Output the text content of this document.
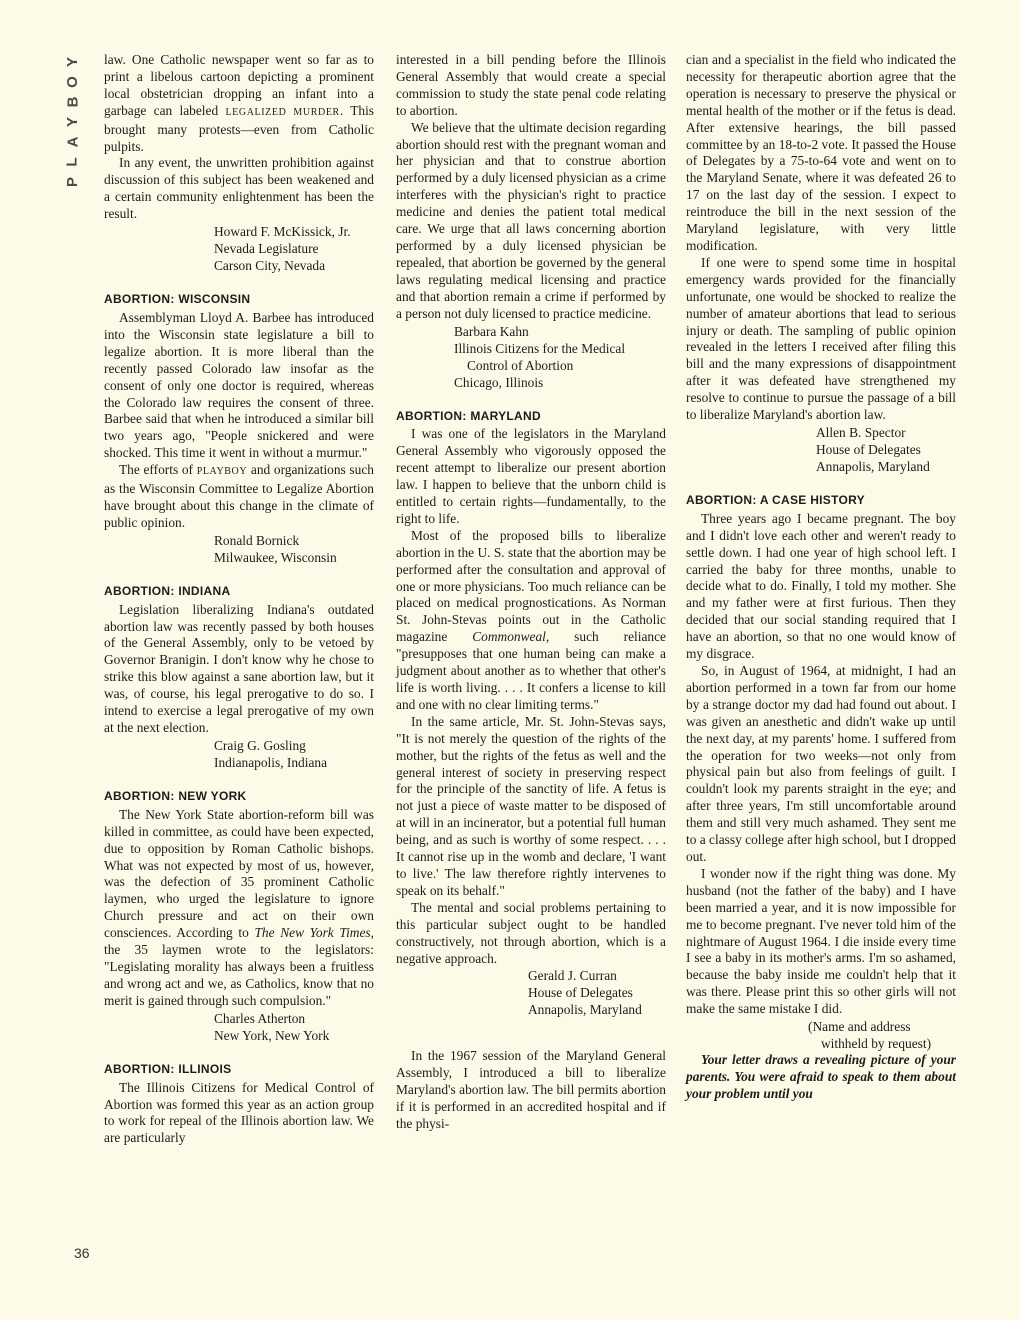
Y
O
B
Y
A
L
P
36

law. One Catholic newspaper went so far as to print a libelous cartoon depicting a prominent local obstetrician dropping an infant into a garbage can labeled LEGALIZED MURDER. This brought many protests—even from Catholic pulpits.

In any event, the unwritten prohibition against discussion of this subject has been weakened and a certain community enlightenment has been the result.

Howard F. McKissick, Jr.
Nevada Legislature
Carson City, Nevada
ABORTION: WISCONSIN

Assemblyman Lloyd A. Barbee has introduced into the Wisconsin state legislature a bill to legalize abortion. It is more liberal than the recently passed Colorado law insofar as the consent of only one doctor is required, whereas the Colorado law requires the consent of three. Barbee said that when he introduced a similar bill two years ago, "People snickered and were shocked. This time it went in without a murmur."

The efforts of PLAYBOY and organizations such as the Wisconsin Committee to Legalize Abortion have brought about this change in the climate of public opinion.

Ronald Bornick
Milwaukee, Wisconsin
ABORTION: INDIANA

Legislation liberalizing Indiana's outdated abortion law was recently passed by both houses of the General Assembly, only to be vetoed by Governor Branigin. I don't know why he chose to strike this blow against a sane abortion law, but it was, of course, his legal prerogative to do so. I intend to exercise a legal prerogative of my own at the next election.

Craig G. Gosling
Indianapolis, Indiana
ABORTION: NEW YORK

The New York State abortion-reform bill was killed in committee, as could have been expected, due to opposition by Roman Catholic bishops. What was not expected by most of us, however, was the defection of 35 prominent Catholic laymen, who urged the legislature to ignore Church pressure and act on their own consciences. According to The New York Times, the 35 laymen wrote to the legislators: "Legislating morality has always been a fruitless and wrong act and we, as Catholics, know that no merit is gained through such compulsion."

Charles Atherton
New York, New York
ABORTION: ILLINOIS

The Illinois Citizens for Medical Control of Abortion was formed this year as an action group to work for repeal of the Illinois abortion law. We are particularly

interested in a bill pending before the Illinois General Assembly that would create a special commission to study the state penal code relating to abortion.

We believe that the ultimate decision regarding abortion should rest with the pregnant woman and her physician and that to construe abortion performed by a duly licensed physician as a crime interferes with the physician's right to practice medicine and denies the patient total medical care. We urge that all laws concerning abortion performed by a duly licensed physician be repealed, that abortion be governed by the general laws regulating medical licensing and practice and that abortion remain a crime if performed by a person not duly licensed to practice medicine.

Barbara Kahn
Illinois Citizens for the Medical
Control of Abortion
Chicago, Illinois
ABORTION: MARYLAND

I was one of the legislators in the Maryland General Assembly who vigorously opposed the recent attempt to liberalize our present abortion law. I happen to believe that the unborn child is entitled to certain rights—fundamentally, to the right to life.

Most of the proposed bills to liberalize abortion in the U. S. state that the abortion may be performed after the consultation and approval of one or more physicians. Too much reliance can be placed on medical prognostications. As Norman St. John-Stevas points out in the Catholic magazine Commonweal, such reliance "presupposes that one human being can make a judgment about another as to whether that other's life is worth living. . . . It confers a license to kill and one with no clear limiting terms."

In the same article, Mr. St. John-Stevas says, "It is not merely the question of the rights of the mother, but the rights of the fetus as well and the general interest of society in preserving respect for the principle of the sanctity of life. A fetus is not just a piece of waste matter to be disposed of at will in an incinerator, but a potential full human being, and as such is worthy of some respect. . . . It cannot rise up in the womb and declare, 'I want to live.' The law therefore rightly intervenes to speak on its behalf."

The mental and social problems pertaining to this particular subject ought to be handled constructively, not through abortion, which is a negative approach.

Gerald J. Curran
House of Delegates
Annapolis, Maryland

In the 1967 session of the Maryland General Assembly, I introduced a bill to liberalize Maryland's abortion law. The bill permits abortion if it is performed in an accredited hospital and if the physi-

cian and a specialist in the field who indicated the necessity for therapeutic abortion agree that the operation is necessary to preserve the physical or mental health of the mother or if the fetus is dead. After extensive hearings, the bill passed committee by an 18-to-2 vote. It passed the House of Delegates by a 75-to-64 vote and went on to the Maryland Senate, where it was defeated 26 to 17 on the last day of the session. I expect to reintroduce the bill in the next session of the Maryland legislature, with very little modification.

If one were to spend some time in hospital emergency wards provided for the financially unfortunate, one would be shocked to realize the number of amateur abortions that lead to serious injury or death. The sampling of public opinion revealed in the letters I received after filing this bill and the many expressions of disappointment after it was defeated have strengthened my resolve to continue to pursue the passage of a bill to liberalize Maryland's abortion law.

Allen B. Spector
House of Delegates
Annapolis, Maryland
ABORTION: A CASE HISTORY

Three years ago I became pregnant. The boy and I didn't love each other and weren't ready to settle down. I had one year of high school left. I carried the baby for three months, unable to decide what to do. Finally, I told my mother. She and my father were at first furious. Then they decided that our social standing required that I have an abortion, so that no one would know of my disgrace.

So, in August of 1964, at midnight, I had an abortion performed in a town far from our home by a strange doctor my dad had found out about. I was given an anesthetic and didn't wake up until the next day, at my parents' home. I suffered from the operation for two weeks—not only from physical pain but also from feelings of guilt. I couldn't look my parents straight in the eye; and after three years, I'm still uncomfortable around them and still very much ashamed. They sent me to a classy college after high school, but I dropped out.

I wonder now if the right thing was done. My husband (not the father of the baby) and I have been married a year, and it is now impossible for me to become pregnant. I've never told him of the nightmare of August 1964. I die inside every time I see a baby in its mother's arms. I'm so ashamed, because the baby inside me couldn't help that it was there. Please print this so other girls will not make the same mistake I did.

(Name and address
withheld by request)

Your letter draws a revealing picture of your parents. You were afraid to speak to them about your problem until you
